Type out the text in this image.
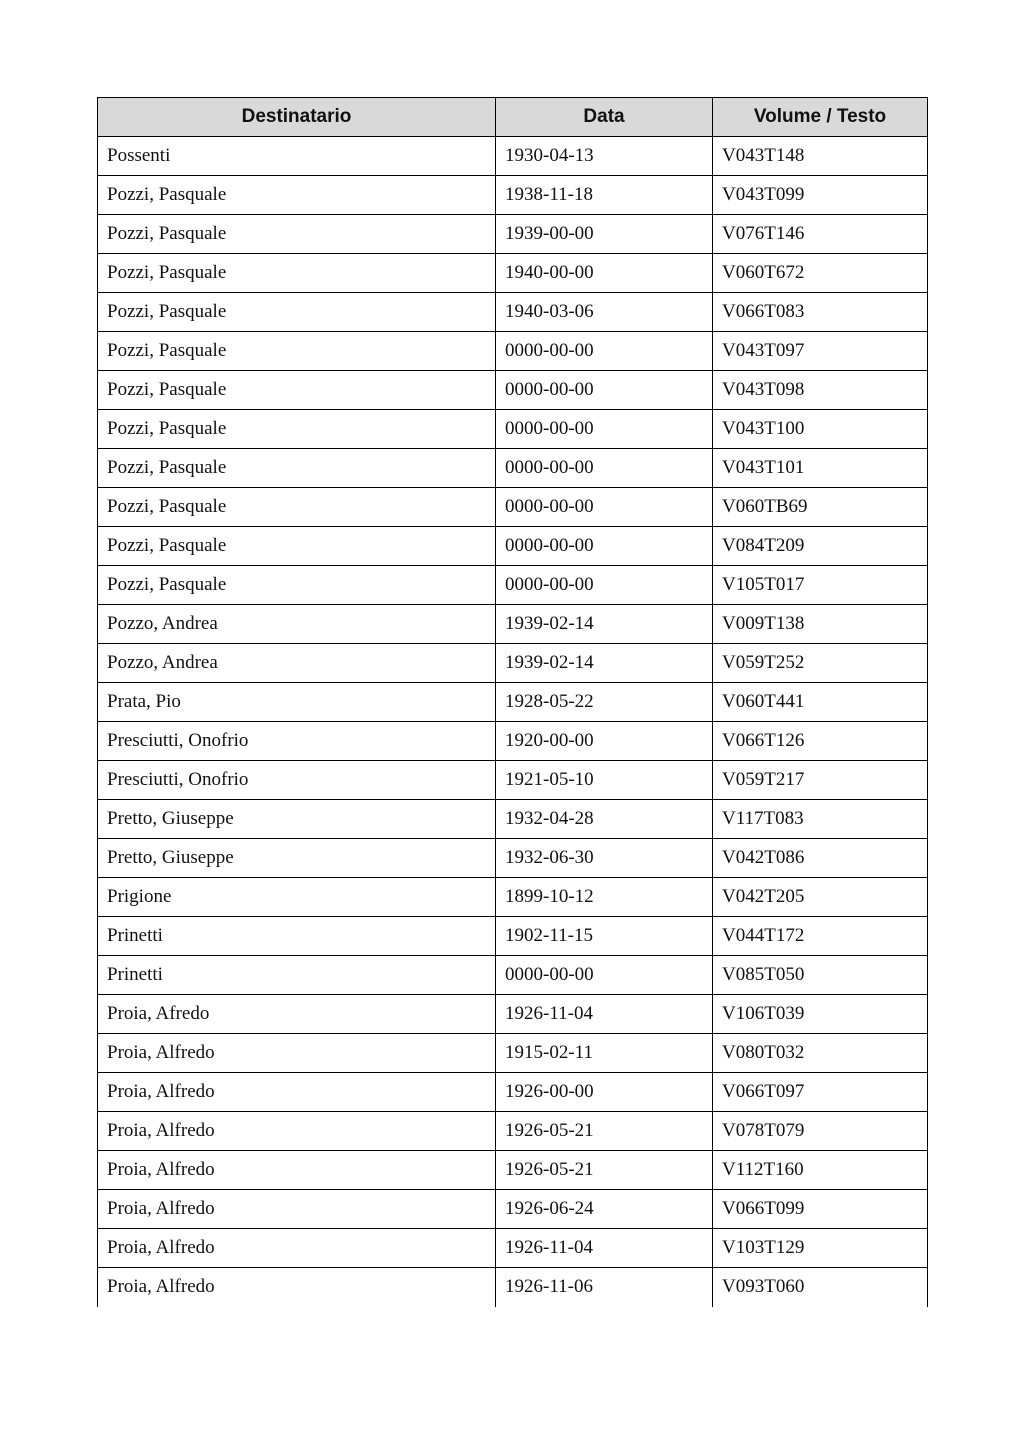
Destinatario	Data	Volume / Testo
Possenti	1930-04-13	V043T148
Pozzi, Pasquale	1938-11-18	V043T099
Pozzi, Pasquale	1939-00-00	V076T146
Pozzi, Pasquale	1940-00-00	V060T672
Pozzi, Pasquale	1940-03-06	V066T083
Pozzi, Pasquale	0000-00-00	V043T097
Pozzi, Pasquale	0000-00-00	V043T098
Pozzi, Pasquale	0000-00-00	V043T100
Pozzi, Pasquale	0000-00-00	V043T101
Pozzi, Pasquale	0000-00-00	V060TB69
Pozzi, Pasquale	0000-00-00	V084T209
Pozzi, Pasquale	0000-00-00	V105T017
Pozzo, Andrea	1939-02-14	V009T138
Pozzo, Andrea	1939-02-14	V059T252
Prata, Pio	1928-05-22	V060T441
Presciutti, Onofrio	1920-00-00	V066T126
Presciutti, Onofrio	1921-05-10	V059T217
Pretto, Giuseppe	1932-04-28	V117T083
Pretto, Giuseppe	1932-06-30	V042T086
Prigione	1899-10-12	V042T205
Prinetti	1902-11-15	V044T172
Prinetti	0000-00-00	V085T050
Proia, Afredo	1926-11-04	V106T039
Proia, Alfredo	1915-02-11	V080T032
Proia, Alfredo	1926-00-00	V066T097
Proia, Alfredo	1926-05-21	V078T079
Proia, Alfredo	1926-05-21	V112T160
Proia, Alfredo	1926-06-24	V066T099
Proia, Alfredo	1926-11-04	V103T129
Proia, Alfredo	1926-11-06	V093T060
